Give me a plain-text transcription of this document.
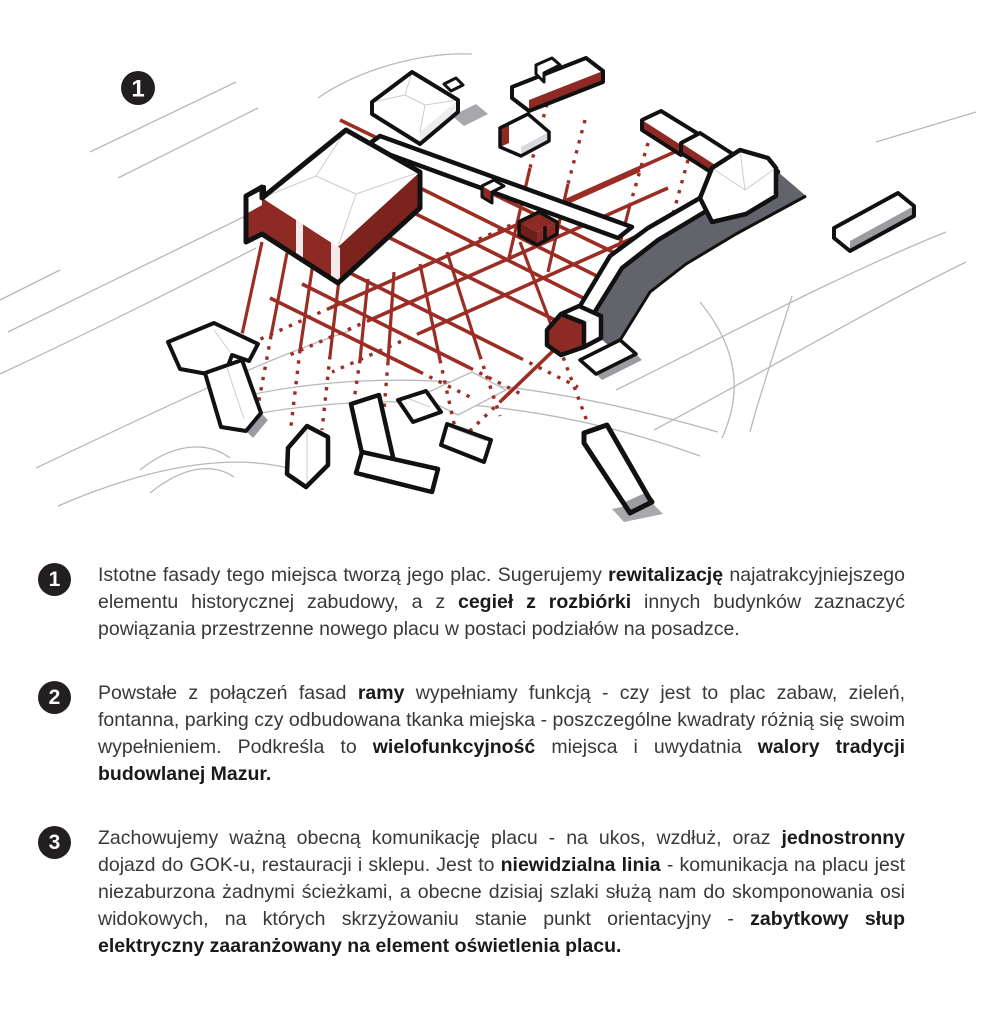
1
1	Istotne fasady tego miejsca tworzą jego plac. Sugerujemy rewitalizację najatrakcyjniejszego elementu historycznej zabudowy, a z cegieł z rozbiórki innych budynków zaznaczyć powiązania przestrzenne nowego placu w postaci podziałów na posadzce.

2	Powstałe z połączeń fasad ramy wypełniamy funkcją - czy jest to plac zabaw, zieleń, fontanna, parking czy odbudowana tkanka miejska - poszczególne kwadraty różnią się swoim wypełnieniem. Podkreśla to wielofunkcyjność miejsca i uwydatnia walory tradycji budowlanej Mazur.

3	Zachowujemy ważną obecną komunikację placu - na ukos, wzdłuż, oraz jednostronny dojazd do GOK-u, restauracji i sklepu. Jest to niewidzialna linia - komunikacja na placu jest niezaburzona żadnymi ścieżkami, a obecne dzisiaj szlaki służą nam do skomponowania osi widokowych, na których skrzyżowaniu stanie punkt orientacyjny - zabytkowy słup elektryczny zaaranżowany na element oświetlenia placu.
